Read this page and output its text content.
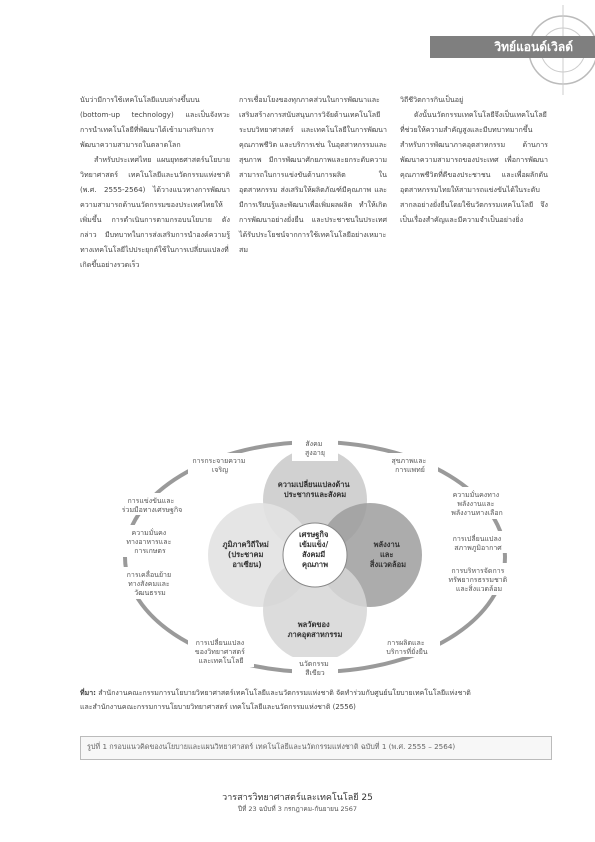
วิทย์แอนด์เวิลด์

นับว่ามีการใช้เทคโนโลยีแบบล่างขึ้นบน (bottom-up technology) และเป็นจังหวะการนำเทคโนโลยีที่พัฒนาได้เข้ามาเสริมการพัฒนาความสามารถในตลาดโลก

สำหรับประเทศไทย แผนยุทธศาสตร์นโยบายวิทยาศาสตร์ เทคโนโลยีและนวัตกรรมแห่งชาติ (พ.ศ. 2555-2564) ได้วางแนวทางการพัฒนาความสามารถด้านนวัตกรรมของประเทศไทยให้เพิ่มขึ้น การดำเนินการตามกรอบนโยบาย ดังกล่าว มีบทบาทในการส่งเสริมการนำองค์ความรู้ทางเทคโนโลยีไปประยุกต์ใช้ในการเปลี่ยนแปลงที่เกิดขึ้นอย่างรวดเร็ว

การเชื่อมโยงของทุกภาคส่วนในการพัฒนาและเสริมสร้างการสนับสนุนการวิจัยด้านเทคโนโลยี ระบบวิทยาศาสตร์ และเทคโนโลยีในการพัฒนาคุณภาพชีวิต และบริการเช่น ในอุตสาหกรรมและสุขภาพ มีการพัฒนาศักยภาพและยกระดับความสามารถในการแข่งขันด้านการผลิต ในอุตสาหกรรม ส่งเสริมให้ผลิตภัณฑ์มีคุณภาพ และมีการเรียนรู้และพัฒนาเพื่อเพิ่มผลผลิต ทำให้เกิดการพัฒนาอย่างยั่งยืน และประชาชนในประเทศได้รับประโยชน์จากการใช้เทคโนโลยีอย่างเหมาะสม

วิถีชีวิตการกินเป็นอยู่

ดังนั้นนวัตกรรมเทคโนโลยีจึงเป็นเทคโนโลยีที่ช่วยให้ความสำคัญสูงและมีบทบาทมากขึ้นสำหรับการพัฒนาภาคอุตสาหกรรม ด้านการพัฒนาความสามารถของประเทศ เพื่อการพัฒนาคุณภาพชีวิตที่ดีของประชาชน และเพื่อผลักดันอุตสาหกรรมไทยให้สามารถแข่งขันได้ในระดับสากลอย่างยั่งยืนโดยใช้นวัตกรรมเทคโนโลยี จึงเป็นเรื่องสำคัญและมีความจำเป็นอย่างยิ่ง

เศรษฐกิจ เข้มแข็ง/ สังคมมี คุณภาพ
ความเปลี่ยนแปลงด้าน ประชากรและสังคม
ภูมิภาควิถีใหม่ (ประชาคม อาเซียน)
พลังงาน และ สิ่งแวดล้อม
พลวัตของ ภาคอุตสาหกรรม
สังคม สูงอายุ
การกระจายความ เจริญ
สุขภาพและ การแพทย์
การแข่งขันและ ร่วมมือทางเศรษฐกิจ
ความมั่นคง ทางอาหารและ การเกษตร
การเคลื่อนย้าย ทางสังคมและ วัฒนธรรม
ความมั่นคงทาง พลังงานและ พลังงานทางเลือก
การเปลี่ยนแปลง สภาพภูมิอากาศ
การบริหารจัดการ ทรัพยากรธรรมชาติ และสิ่งแวดล้อม
การเปลี่ยนแปลง ของวิทยาศาสตร์ และเทคโนโลยี	นวัตกรรม สีเขียว
การผลิตและ บริการที่ยั่งยืน
ที่มา: สำนักงานคณะกรรมการนโยบายวิทยาศาสตร์เทคโนโลยีและนวัตกรรมแห่งชาติ จัดทำร่วมกับศูนย์นโยบายเทคโนโลยีแห่งชาติ
และสำนักงานคณะกรรมการนโยบายวิทยาศาสตร์ เทคโนโลยีและนวัตกรรมแห่งชาติ (2556)
รูปที่ 1 กรอบแนวคิดของนโยบายและแผนวิทยาศาสตร์ เทคโนโลยีและนวัตกรรมแห่งชาติ ฉบับที่ 1 (พ.ศ. 2555 – 2564)
วารสารวิทยาศาสตร์และเทคโนโลยี 25
ปีที่ 23 ฉบับที่ 3 กรกฎาคม-กันยายน 2567
